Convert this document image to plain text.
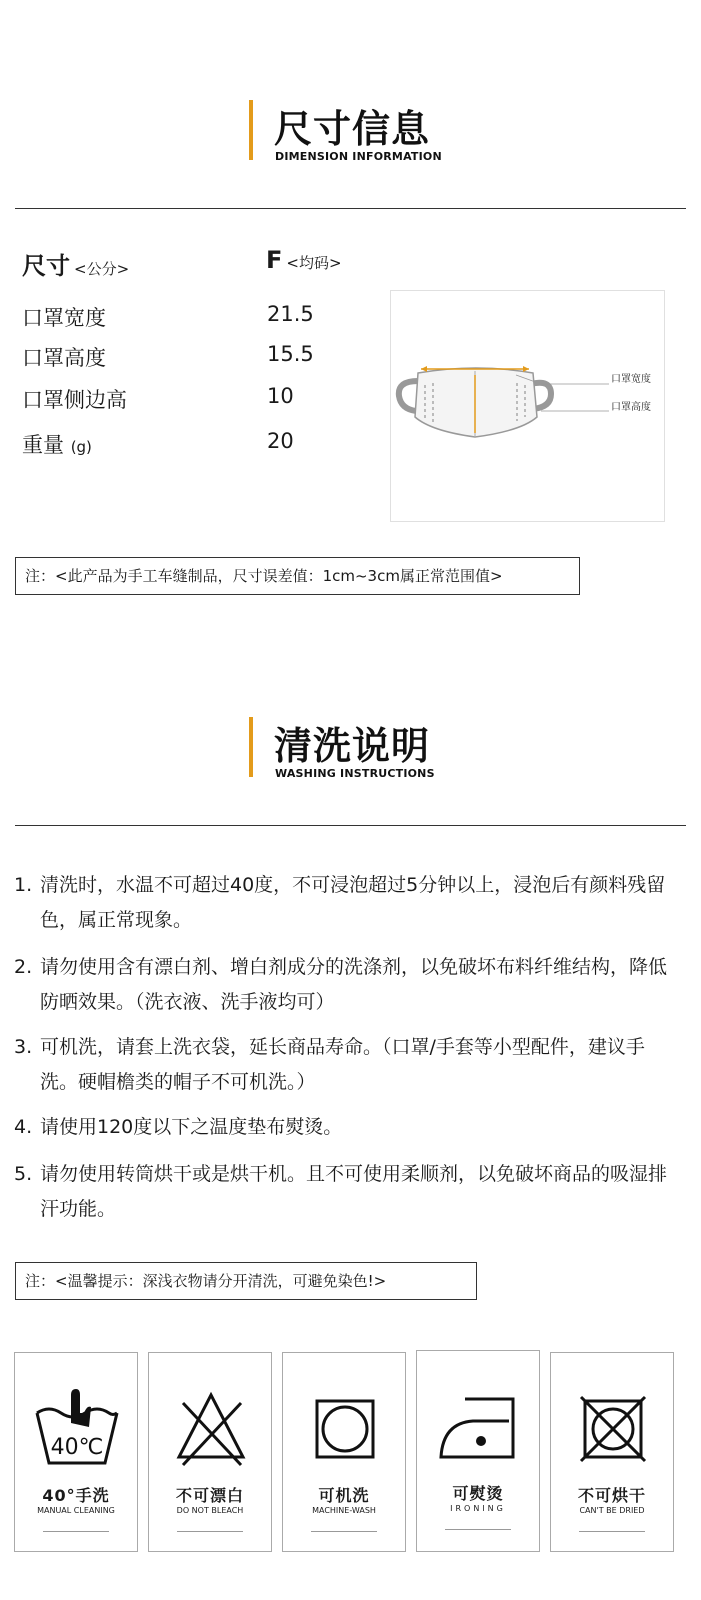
尺寸信息
DIMENSION INFORMATION
尺寸 <公分>	F <均码>
口罩宽度	21.5
口罩高度	15.5
口罩侧边高	10
重量 (g)	20
口罩宽度
口罩高度
注：<此产品为手工车缝制品，尺寸误差值：1cm~3cm属正常范围值>
清洗说明
WASHING INSTRUCTIONS
1. 清洗时，水温不可超过40度，不可浸泡超过5分钟以上，浸泡后有颜料残留色，属正常现象。
2. 请勿使用含有漂白剂、增白剂成分的洗涤剂，以免破坏布料纤维结构，降低防晒效果。（洗衣液、洗手液均可）
3. 可机洗，请套上洗衣袋，延长商品寿命。（口罩/手套等小型配件，建议手洗。硬帽檐类的帽子不可机洗。）
4. 请使用120度以下之温度垫布熨烫。
5. 请勿使用转筒烘干或是烘干机。且不可使用柔顺剂，以免破坏商品的吸湿排汗功能。
注：<温馨提示：深浅衣物请分开清洗，可避免染色!>
40℃
40°手洗
MANUAL CLEANING
不可漂白
DO NOT BLEACH
可机洗
MACHINE-WASH
可熨烫
IRONING
不可烘干
CAN'T BE DRIED
